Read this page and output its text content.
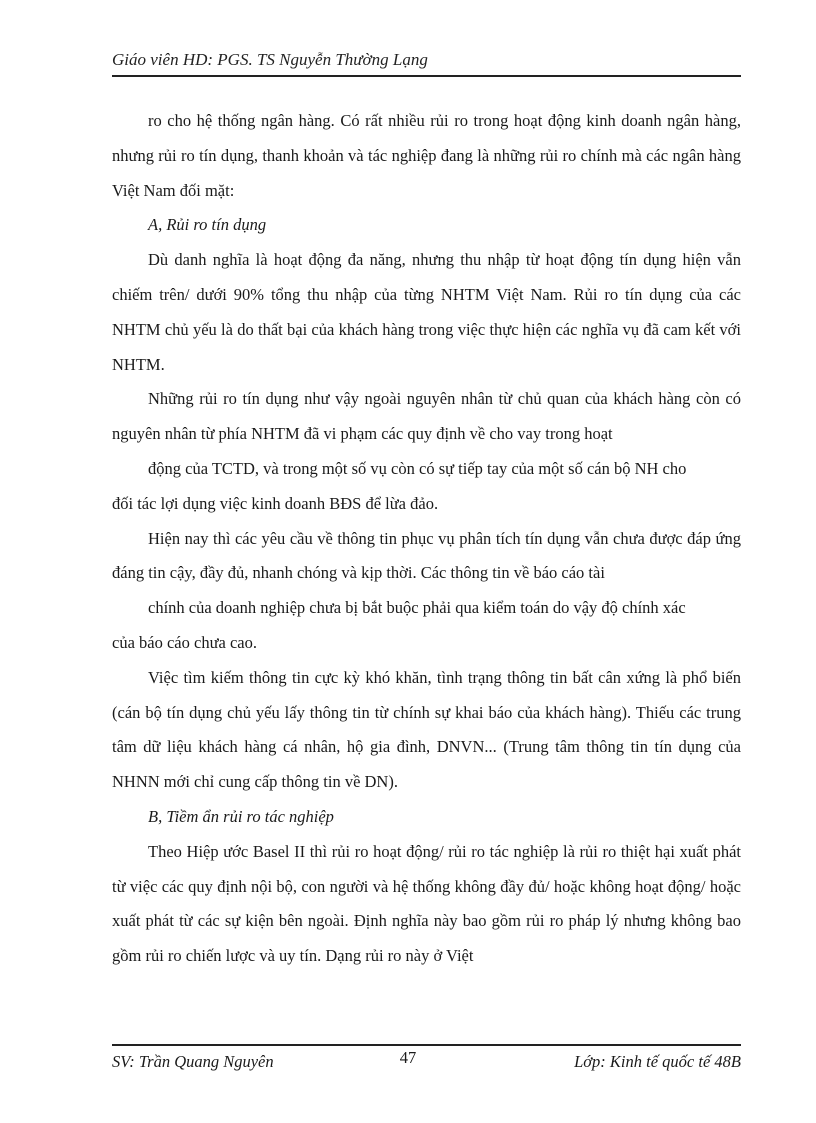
Giáo viên HD: PGS. TS Nguyễn Thường Lạng

ro cho hệ thống ngân hàng. Có rất nhiều rủi ro trong hoạt động kinh doanh ngân hàng, nhưng rủi ro tín dụng, thanh khoản và tác nghiệp đang là những rủi ro chính mà các ngân hàng Việt Nam đối mặt:

A, Rủi ro tín dụng

Dù danh nghĩa là hoạt động đa năng, nhưng thu nhập từ hoạt động tín dụng hiện vẫn chiếm trên/ dưới 90% tổng thu nhập của từng NHTM Việt Nam. Rủi ro tín dụng của các NHTM chủ yếu là do thất bại của khách hàng trong việc thực hiện các nghĩa vụ đã cam kết với NHTM.

Những rủi ro tín dụng như vậy ngoài nguyên nhân từ chủ quan của khách hàng còn có nguyên nhân từ phía NHTM đã vi phạm các quy định về cho vay trong hoạt

động của TCTD, và trong một số vụ còn có sự tiếp tay của một số cán bộ NH cho

đối tác lợi dụng việc kinh doanh BĐS để lừa đảo.

Hiện nay thì các yêu cầu về thông tin phục vụ phân tích tín dụng vẫn chưa được đáp ứng đáng tin cậy, đầy đủ, nhanh chóng và kịp thời. Các thông tin về báo cáo tài

chính của doanh nghiệp chưa bị bắt buộc phải qua kiểm toán do vậy độ chính xác

của báo cáo chưa cao.

Việc tìm kiếm thông tin cực kỳ khó khăn, tình trạng thông tin bất cân xứng là phổ biến (cán bộ tín dụng chủ yếu lấy thông tin từ chính sự khai báo của khách hàng). Thiếu các trung tâm dữ liệu khách hàng cá nhân, hộ gia đình, DNVN... (Trung tâm thông tin tín dụng của NHNN mới chỉ cung cấp thông tin về DN).

B, Tiềm ẩn rủi ro tác nghiệp

Theo Hiệp ước Basel II thì rủi ro hoạt động/ rủi ro tác nghiệp là rủi ro thiệt hại xuất phát từ việc các quy định nội bộ, con người và hệ thống không đầy đủ/ hoặc không hoạt động/ hoặc xuất phát từ các sự kiện bên ngoài. Định nghĩa này bao gồm rủi ro pháp lý nhưng không bao gồm rủi ro chiến lược và uy tín. Dạng rủi ro này ở Việt

SV: Trần Quang Nguyên	47	Lớp: Kinh tế quốc tế 48B
